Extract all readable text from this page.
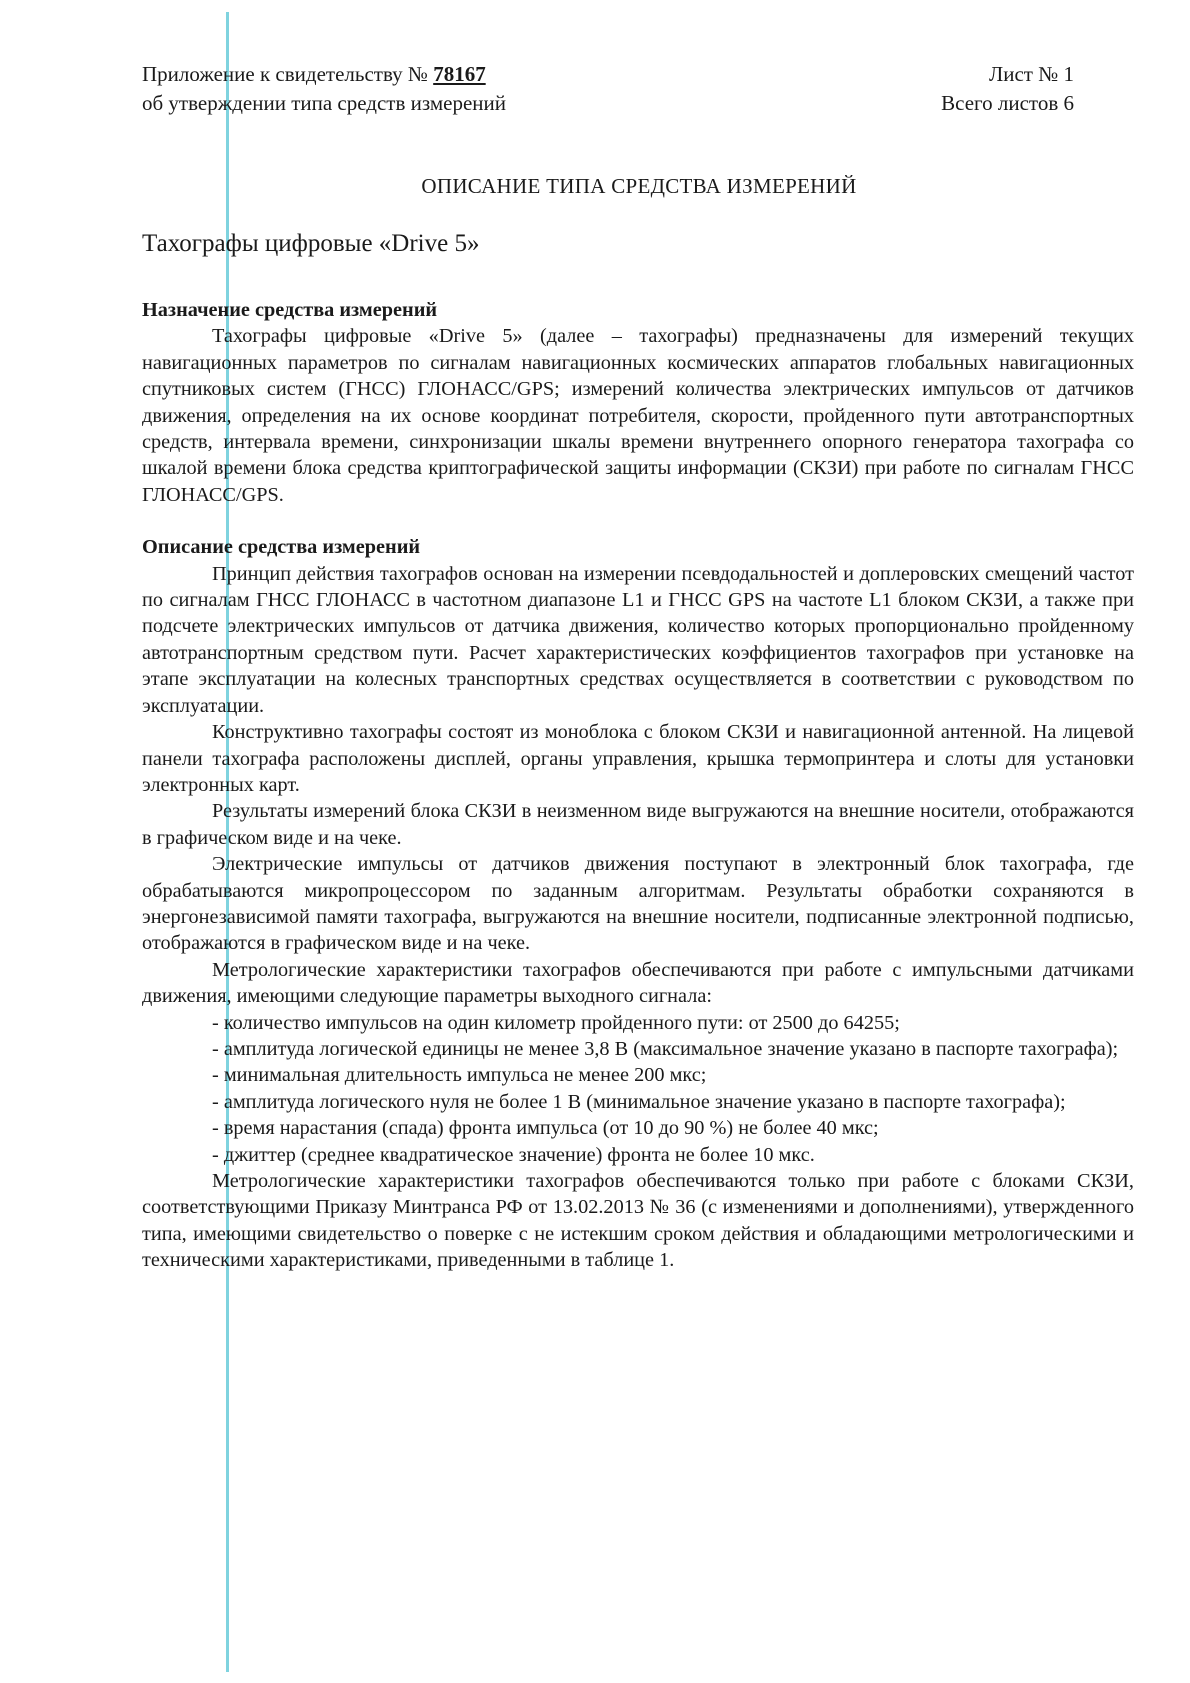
Приложение к свидетельству № 78167
об утверждении типа средств измерений
Лист № 1
Всего листов 6
ОПИСАНИЕ ТИПА СРЕДСТВА ИЗМЕРЕНИЙ
Тахографы цифровые «Drive 5»

Назначение средства измерений

Тахографы цифровые «Drive 5» (далее – тахографы) предназначены для измерений текущих навигационных параметров по сигналам навигационных космических аппаратов глобальных навигационных спутниковых систем (ГНСС) ГЛОНАСС/GPS; измерений количества электрических импульсов от датчиков движения, определения на их основе координат потребителя, скорости, пройденного пути автотранспортных средств, интервала времени, синхронизации шкалы времени внутреннего опорного генератора тахографа со шкалой времени блока средства криптографической защиты информации (СКЗИ) при работе по сигналам ГНСС ГЛОНАСС/GPS.

Описание средства измерений

Принцип действия тахографов основан на измерении псевдодальностей и доплеровских смещений частот по сигналам ГНСС ГЛОНАСС в частотном диапазоне L1 и ГНСС GPS на частоте L1 блоком СКЗИ, а также при подсчете электрических импульсов от датчика движения, количество которых пропорционально пройденному автотранспортным средством пути. Расчет характеристических коэффициентов тахографов при установке на этапе эксплуатации на колесных транспортных средствах осуществляется в соответствии с руководством по эксплуатации.

Конструктивно тахографы состоят из моноблока с блоком СКЗИ и навигационной антенной. На лицевой панели тахографа расположены дисплей, органы управления, крышка термопринтера и слоты для установки электронных карт.

Результаты измерений блока СКЗИ в неизменном виде выгружаются на внешние носители, отображаются в графическом виде и на чеке.

Электрические импульсы от датчиков движения поступают в электронный блок тахографа, где обрабатываются микропроцессором по заданным алгоритмам. Результаты обработки сохраняются в энергонезависимой памяти тахографа, выгружаются на внешние носители, подписанные электронной подписью, отображаются в графическом виде и на чеке.

Метрологические характеристики тахографов обеспечиваются при работе с импульсными датчиками движения, имеющими следующие параметры выходного сигнала:

- количество импульсов на один километр пройденного пути: от 2500 до 64255;

- амплитуда логической единицы не менее 3,8 В (максимальное значение указано в паспорте тахографа);

- минимальная длительность импульса не менее 200 мкс;

- амплитуда логического нуля не более 1 В (минимальное значение указано в паспорте тахографа);

- время нарастания (спада) фронта импульса (от 10 до 90 %) не более 40 мкс;

- джиттер (среднее квадратическое значение) фронта не более 10 мкс.

Метрологические характеристики тахографов обеспечиваются только при работе с блоками СКЗИ, соответствующими Приказу Минтранса РФ от 13.02.2013 № 36 (с изменениями и дополнениями), утвержденного типа, имеющими свидетельство о поверке с не истекшим сроком действия и обладающими метрологическими и техническими характеристиками, приведенными в таблице 1.
